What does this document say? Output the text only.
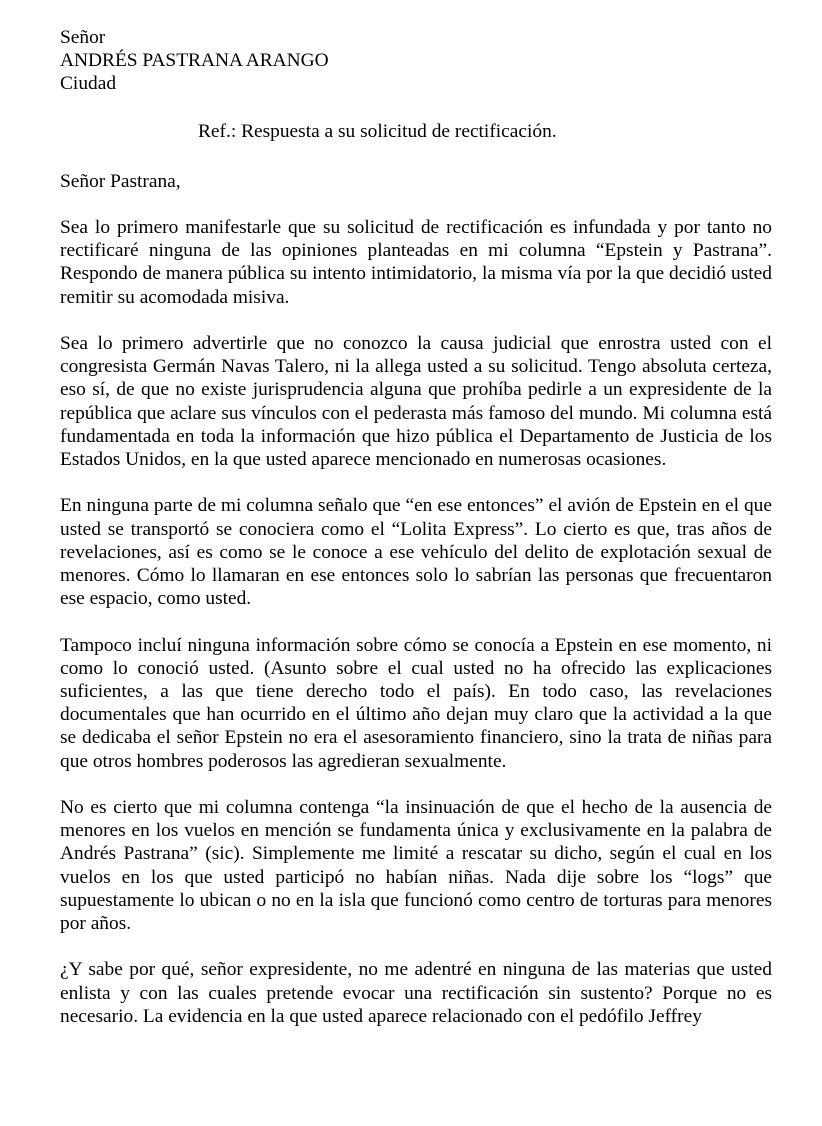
Señor
ANDRÉS PASTRANA ARANGO
Ciudad
Ref.: Respuesta a su solicitud de rectificación.
Señor Pastrana,

Sea lo primero manifestarle que su solicitud de rectificación es infundada y por tanto no rectificaré ninguna de las opiniones planteadas en mi columna “Epstein y Pastrana”. Respondo de manera pública su intento intimidatorio, la misma vía por la que decidió usted remitir su acomodada misiva.

Sea lo primero advertirle que no conozco la causa judicial que enrostra usted con el congresista Germán Navas Talero, ni la allega usted a su solicitud. Tengo absoluta certeza, eso sí, de que no existe jurisprudencia alguna que prohíba pedirle a un expresidente de la república que aclare sus vínculos con el pederasta más famoso del mundo. Mi columna está fundamentada en toda la información que hizo pública el Departamento de Justicia de los Estados Unidos, en la que usted aparece mencionado en numerosas ocasiones.

En ninguna parte de mi columna señalo que “en ese entonces” el avión de Epstein en el que usted se transportó se conociera como el “Lolita Express”. Lo cierto es que, tras años de revelaciones, así es como se le conoce a ese vehículo del delito de explotación sexual de menores. Cómo lo llamaran en ese entonces solo lo sabrían las personas que frecuentaron ese espacio, como usted.

Tampoco incluí ninguna información sobre cómo se conocía a Epstein en ese momento, ni como lo conoció usted. (Asunto sobre el cual usted no ha ofrecido las explicaciones suficientes, a las que tiene derecho todo el país). En todo caso, las revelaciones documentales que han ocurrido en el último año dejan muy claro que la actividad a la que se dedicaba el señor Epstein no era el asesoramiento financiero, sino la trata de niñas para que otros hombres poderosos las agredieran sexualmente.

No es cierto que mi columna contenga “la insinuación de que el hecho de la ausencia de menores en los vuelos en mención se fundamenta única y exclusivamente en la palabra de Andrés Pastrana” (sic). Simplemente me limité a rescatar su dicho, según el cual en los vuelos en los que usted participó no habían niñas. Nada dije sobre los “logs” que supuestamente lo ubican o no en la isla que funcionó como centro de torturas para menores por años.

¿Y sabe por qué, señor expresidente, no me adentré en ninguna de las materias que usted enlista y con las cuales pretende evocar una rectificación sin sustento? Porque no es necesario. La evidencia en la que usted aparece relacionado con el pedófilo Jeffrey
